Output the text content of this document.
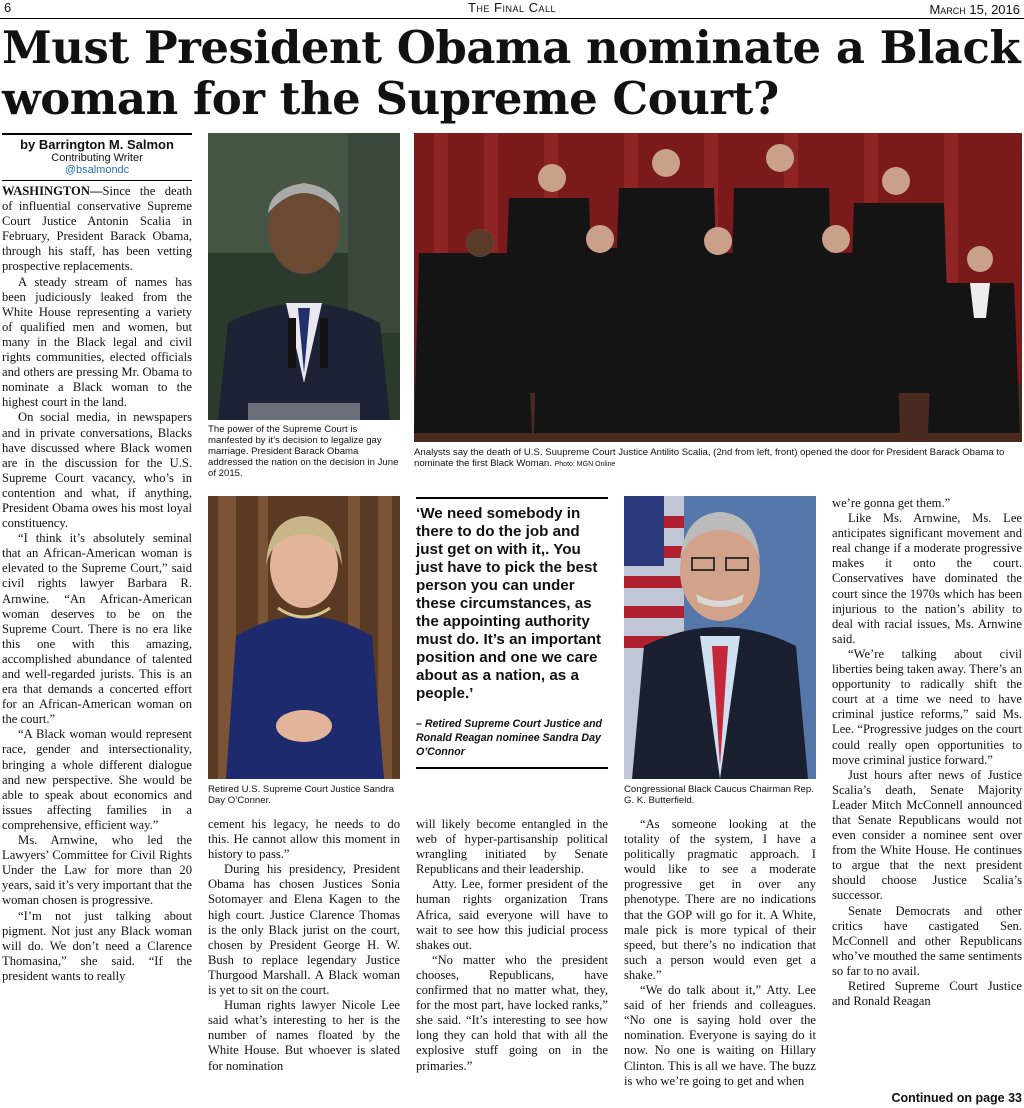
6	The Final Call	March 15, 2016
Must President Obama nominate a Black woman for the Supreme Court?
by Barrington M. Salmon
Contributing Writer
@bsalmondc

WASHINGTON—Since the death of influential conservative Supreme Court Justice Antonin Scalia in February, President Barack Obama, through his staff, has been vetting prospective replacements.

A steady stream of names has been judiciously leaked from the White House representing a variety of qualified men and women, but many in the Black legal and civil rights communities, elected officials and others are pressing Mr. Obama to nominate a Black woman to the highest court in the land.

On social media, in newspapers and in private conversations, Blacks have discussed where Black women are in the discussion for the U.S. Supreme Court vacancy, who’s in contention and what, if anything, President Obama owes his most loyal constituency.

“I think it’s absolutely seminal that an African-American woman is elevated to the Supreme Court,” said civil rights lawyer Barbara R. Arnwine. “An African-American woman deserves to be on the Supreme Court. There is no era like this one with this amazing, accomplished abundance of talented and well-regarded jurists. This is an era that demands a concerted effort for an African-American woman on the court.”

“A Black woman would represent race, gender and intersectionality, bringing a whole different dialogue and new perspective. She would be able to speak about economics and issues affecting families in a comprehensive, efficient way.”

Ms. Arnwine, who led the Lawyers’ Committee for Civil Rights Under the Law for more than 20 years, said it’s very important that the woman chosen is progressive.

“I’m not just talking about pigment. Not just any Black woman will do. We don’t need a Clarence Thomasina,” she said. “If the president wants to really

The power of the Supreme Court is manfested by it’s decision to legalize gay marriage. President Barack Obama addressed the nation on the decision in June of 2015.
Analysts say the death of U.S. Suupreme Court Justice Antilito Scalia, (2nd from left, front) opened the door for President Barack Obama to nominate the first Black Woman. Photo: MGN Online
Retired U.S. Supreme Court Justice Sandra Day O’Conner.
‘We need somebody in there to do the job and just get on with it,. You just have to pick the best person you can under these circumstances, as the appointing authority must do. It’s an important position and one we care about as a nation, as a people.’
– Retired Supreme Court Justice and Ronald Reagan nominee Sandra Day O’Connor
Congressional Black Caucus Chairman Rep. G. K. Butterfield.

cement his legacy, he needs to do this. He cannot allow this moment in history to pass.”

During his presidency, President Obama has chosen Justices Sonia Sotomayer and Elena Kagen to the high court. Justice Clarence Thomas is the only Black jurist on the court, chosen by President George H. W. Bush to replace legendary Justice Thurgood Marshall. A Black woman is yet to sit on the court.

Human rights lawyer Nicole Lee said what’s interesting to her is the number of names floated by the White House. But whoever is slated for nomination

will likely become entangled in the web of hyper-partisanship political wrangling initiated by Senate Republicans and their leadership.

Atty. Lee, former president of the human rights organization Trans Africa, said everyone will have to wait to see how this judicial process shakes out.

“No matter who the president chooses, Republicans, have confirmed that no matter what, they, for the most part, have locked ranks,” she said. “It’s interesting to see how long they can hold that with all the explosive stuff going on in the primaries.”

“As someone looking at the totality of the system, I have a politically pragmatic approach. I would like to see a moderate progressive get in over any phenotype. There are no indications that the GOP will go for it. A White, male pick is more typical of their speed, but there’s no indication that such a person would even get a shake.”

“We do talk about it,” Atty. Lee said of her friends and colleagues. “No one is saying hold over the nomination. Everyone is saying do it now. No one is waiting on Hillary Clinton. This is all we have. The buzz is who we’re going to get and when

we’re gonna get them.”

Like Ms. Arnwine, Ms. Lee anticipates significant movement and real change if a moderate progressive makes it onto the court. Conservatives have dominated the court since the 1970s which has been injurious to the nation’s ability to deal with racial issues, Ms. Arnwine said.

“We’re talking about civil liberties being taken away. There’s an opportunity to radically shift the court at a time we need to have criminal justice reforms,” said Ms. Lee. “Progressive judges on the court could really open opportunities to move criminal justice forward.”

Just hours after news of Justice Scalia’s death, Senate Majority Leader Mitch McConnell announced that Senate Republicans would not even consider a nominee sent over from the White House. He continues to argue that the next president should choose Justice Scalia’s successor.

Senate Democrats and other critics have castigated Sen. McConnell and other Republicans who’ve mouthed the same sentiments so far to no avail.

Retired Supreme Court Justice and Ronald Reagan

Continued on page 33
